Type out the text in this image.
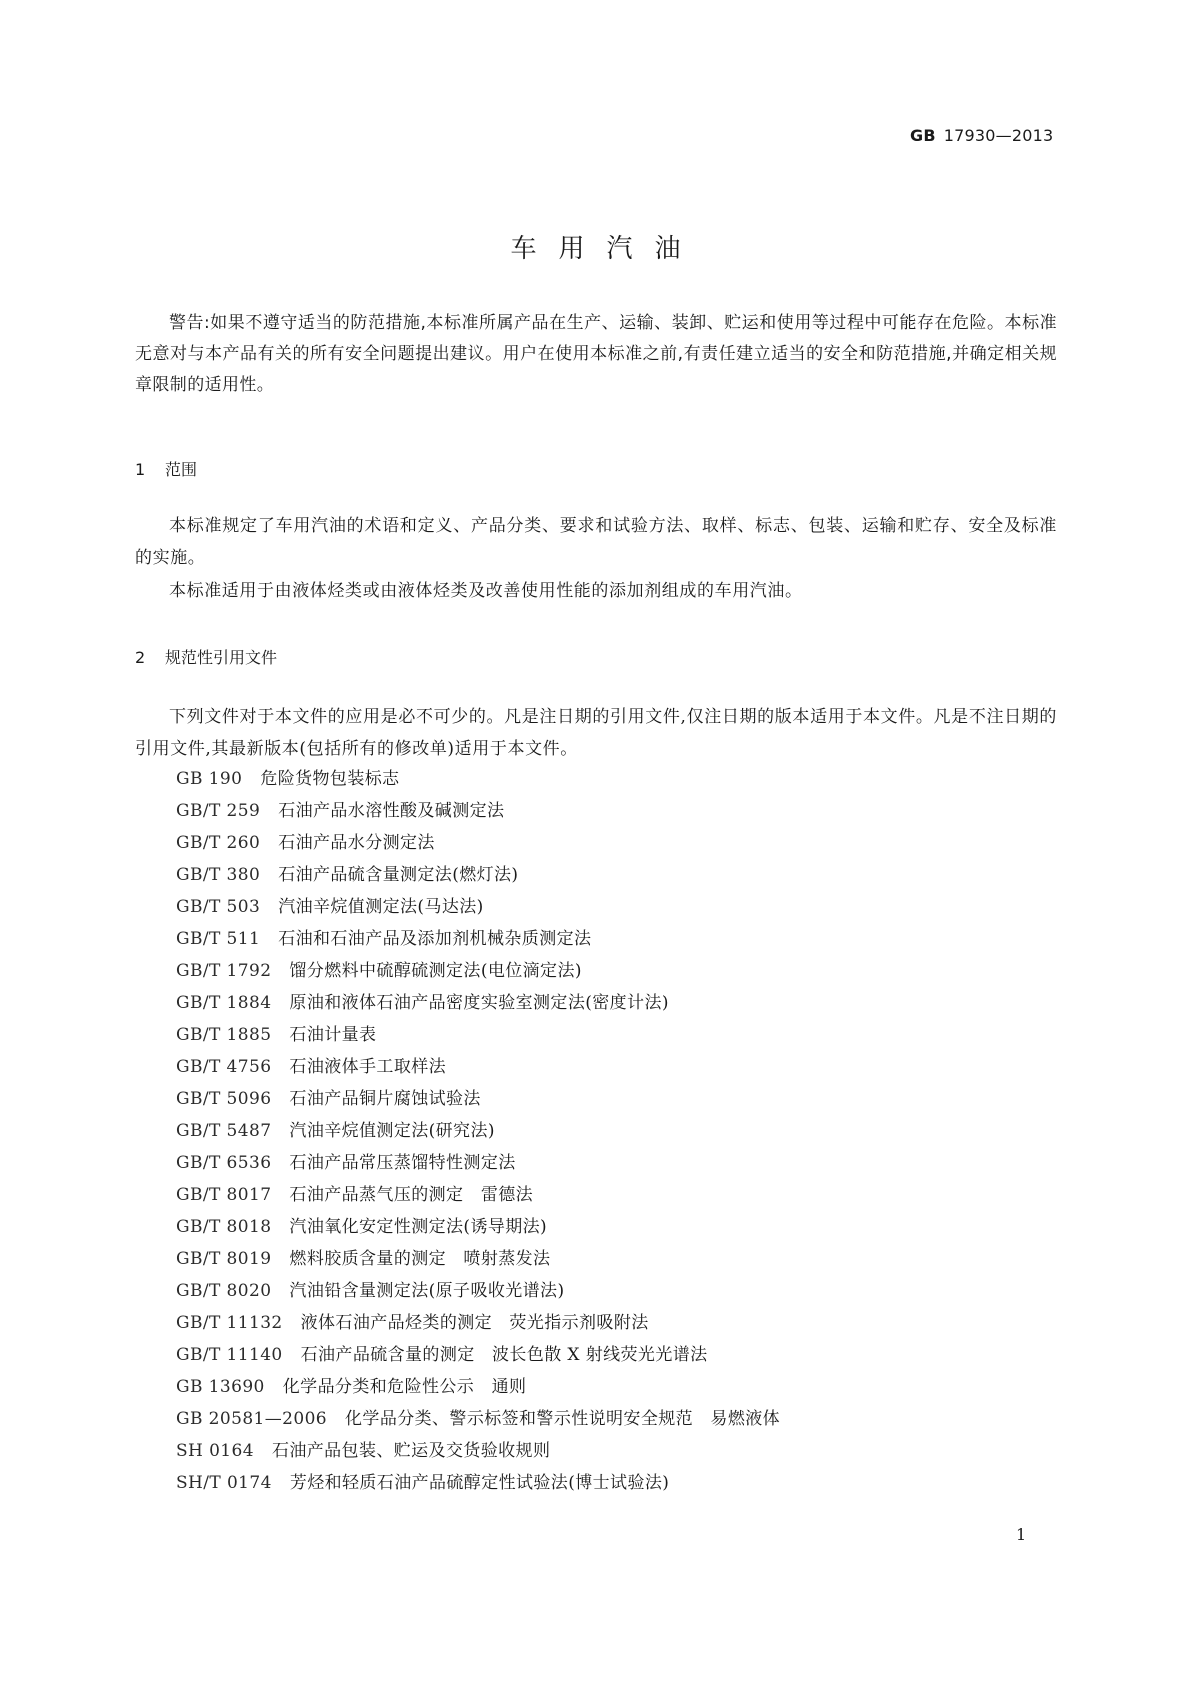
GB 17930—2013
车用汽油
警告:如果不遵守适当的防范措施,本标准所属产品在生产、运输、装卸、贮运和使用等过程中可能存在危险。本标准无意对与本产品有关的所有安全问题提出建议。用户在使用本标准之前,有责任建立适当的安全和防范措施,并确定相关规章限制的适用性。
1 范围
本标准规定了车用汽油的术语和定义、产品分类、要求和试验方法、取样、标志、包装、运输和贮存、安全及标准的实施。
本标准适用于由液体烃类或由液体烃类及改善使用性能的添加剂组成的车用汽油。
2 规范性引用文件
下列文件对于本文件的应用是必不可少的。凡是注日期的引用文件,仅注日期的版本适用于本文件。凡是不注日期的引用文件,其最新版本(包括所有的修改单)适用于本文件。
GB 190 危险货物包装标志
GB/T 259 石油产品水溶性酸及碱测定法
GB/T 260 石油产品水分测定法
GB/T 380 石油产品硫含量测定法(燃灯法)
GB/T 503 汽油辛烷值测定法(马达法)
GB/T 511 石油和石油产品及添加剂机械杂质测定法
GB/T 1792 馏分燃料中硫醇硫测定法(电位滴定法)
GB/T 1884 原油和液体石油产品密度实验室测定法(密度计法)
GB/T 1885 石油计量表
GB/T 4756 石油液体手工取样法
GB/T 5096 石油产品铜片腐蚀试验法
GB/T 5487 汽油辛烷值测定法(研究法)
GB/T 6536 石油产品常压蒸馏特性测定法
GB/T 8017 石油产品蒸气压的测定　雷德法
GB/T 8018 汽油氧化安定性测定法(诱导期法)
GB/T 8019 燃料胶质含量的测定　喷射蒸发法
GB/T 8020 汽油铅含量测定法(原子吸收光谱法)
GB/T 11132 液体石油产品烃类的测定　荧光指示剂吸附法
GB/T 11140 石油产品硫含量的测定　波长色散 X 射线荧光光谱法
GB 13690 化学品分类和危险性公示　通则
GB 20581—2006 化学品分类、警示标签和警示性说明安全规范　易燃液体
SH 0164 石油产品包装、贮运及交货验收规则
SH/T 0174 芳烃和轻质石油产品硫醇定性试验法(博士试验法)
1
